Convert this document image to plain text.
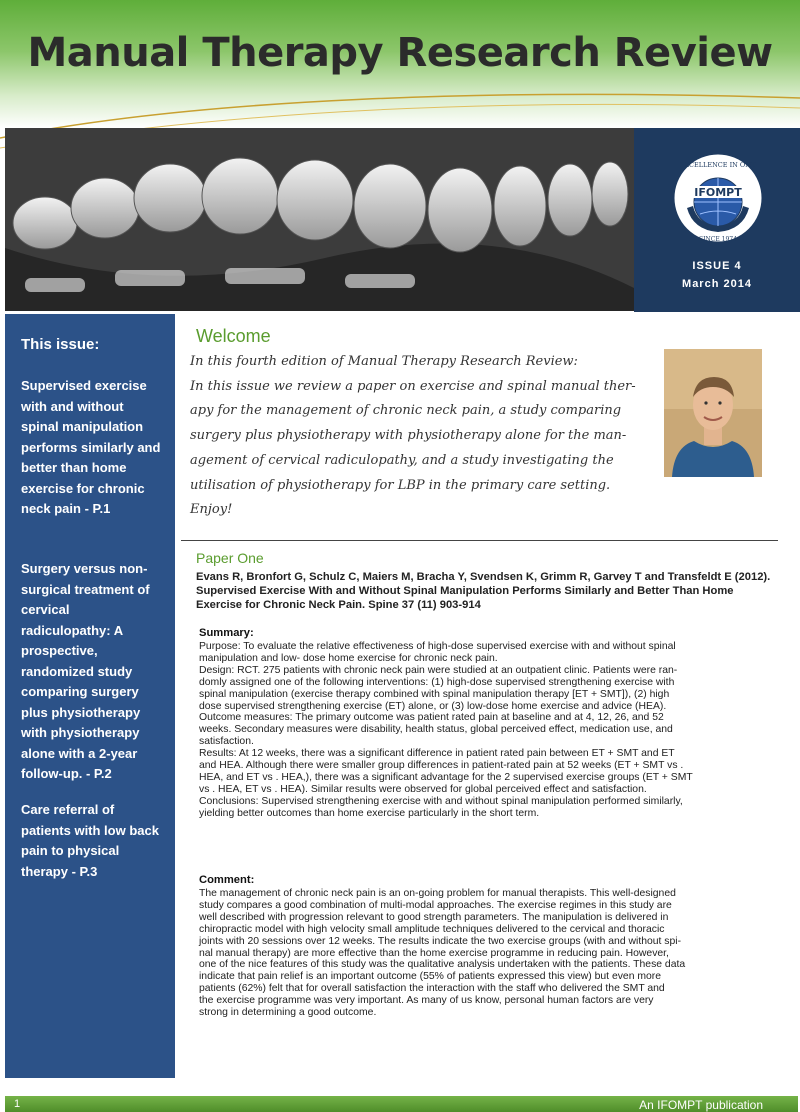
Manual Therapy Research Review
IFOMPT
EXCELLENCE IN OMT
SINCE 1974
ISSUE 4
March 2014
This issue:
Supervised exercise with and without spinal manipulation performs similarly and better than home exercise for chronic neck pain - P.1
Surgery versus non-surgical treatment of cervical radiculopathy: A prospective, randomized study comparing surgery plus physiotherapy with physiotherapy alone with a 2-year follow-up. - P.2
Care referral of patients with low back pain to physical therapy - P.3
Welcome

In this fourth edition of Manual Therapy Research Review:

In this issue we review a paper on exercise and spinal manual ther-

apy for the management of chronic neck pain, a study comparing

surgery plus physiotherapy with physiotherapy alone for the man-

agement of cervical radiculopathy, and a study investigating the

utilisation of physiotherapy for LBP in the primary care setting.

Enjoy!

Paper One
Evans R, Bronfort G, Schulz C, Maiers M, Bracha Y, Svendsen K, Grimm R, Garvey T and Transfeldt E (2012). Supervised Exercise With and Without Spinal Manipulation Performs Similarly and Better Than Home Exercise for Chronic Neck Pain. Spine 37 (11) 903-914
Summary:

Purpose: To evaluate the relative effectiveness of high-dose supervised exercise with and without spinal

manipulation and low- dose home exercise for chronic neck pain.

Design: RCT. 275 patients with chronic neck pain were studied at an outpatient clinic. Patients were ran-

domly assigned one of the following interventions: (1) high-dose supervised strengthening exercise with

spinal manipulation (exercise therapy combined with spinal manipulation therapy [ET + SMT]), (2) high

dose supervised strengthening exercise (ET) alone, or (3) low-dose home exercise and advice (HEA).

Outcome measures: The primary outcome was patient rated pain at baseline and at 4, 12, 26, and 52

weeks. Secondary measures were disability, health status, global perceived effect, medication use, and

satisfaction.

Results: At 12 weeks, there was a significant difference in patient rated pain between ET + SMT and ET

and HEA. Although there were smaller group differences in patient-rated pain at 52 weeks (ET + SMT vs .

HEA, and ET vs . HEA,), there was a significant advantage for the 2 supervised exercise groups (ET + SMT

vs . HEA, ET vs . HEA). Similar results were observed for global perceived effect and satisfaction.

Conclusions: Supervised strengthening exercise with and without spinal manipulation performed similarly,

yielding better outcomes than home exercise particularly in the short term.

Comment:

The management of chronic neck pain is an on-going problem for manual therapists. This well-designed

study compares a good combination of multi-modal approaches. The exercise regimes in this study are

well described with progression relevant to good strength parameters. The manipulation is delivered in

chiropractic model with high velocity small amplitude techniques delivered to the cervical and thoracic

joints with 20 sessions over 12 weeks. The results indicate the two exercise groups (with and without spi-

nal manual therapy) are more effective than the home exercise programme in reducing pain. However,

one of the nice features of this study was the qualitative analysis undertaken with the patients. These data

indicate that pain relief is an important outcome (55% of patients expressed this view) but even more

patients (62%) felt that for overall satisfaction the interaction with the staff who delivered the SMT and

the exercise programme was very important. As many of us know, personal human factors are very

strong in determining a good outcome.

1	An IFOMPT publication
